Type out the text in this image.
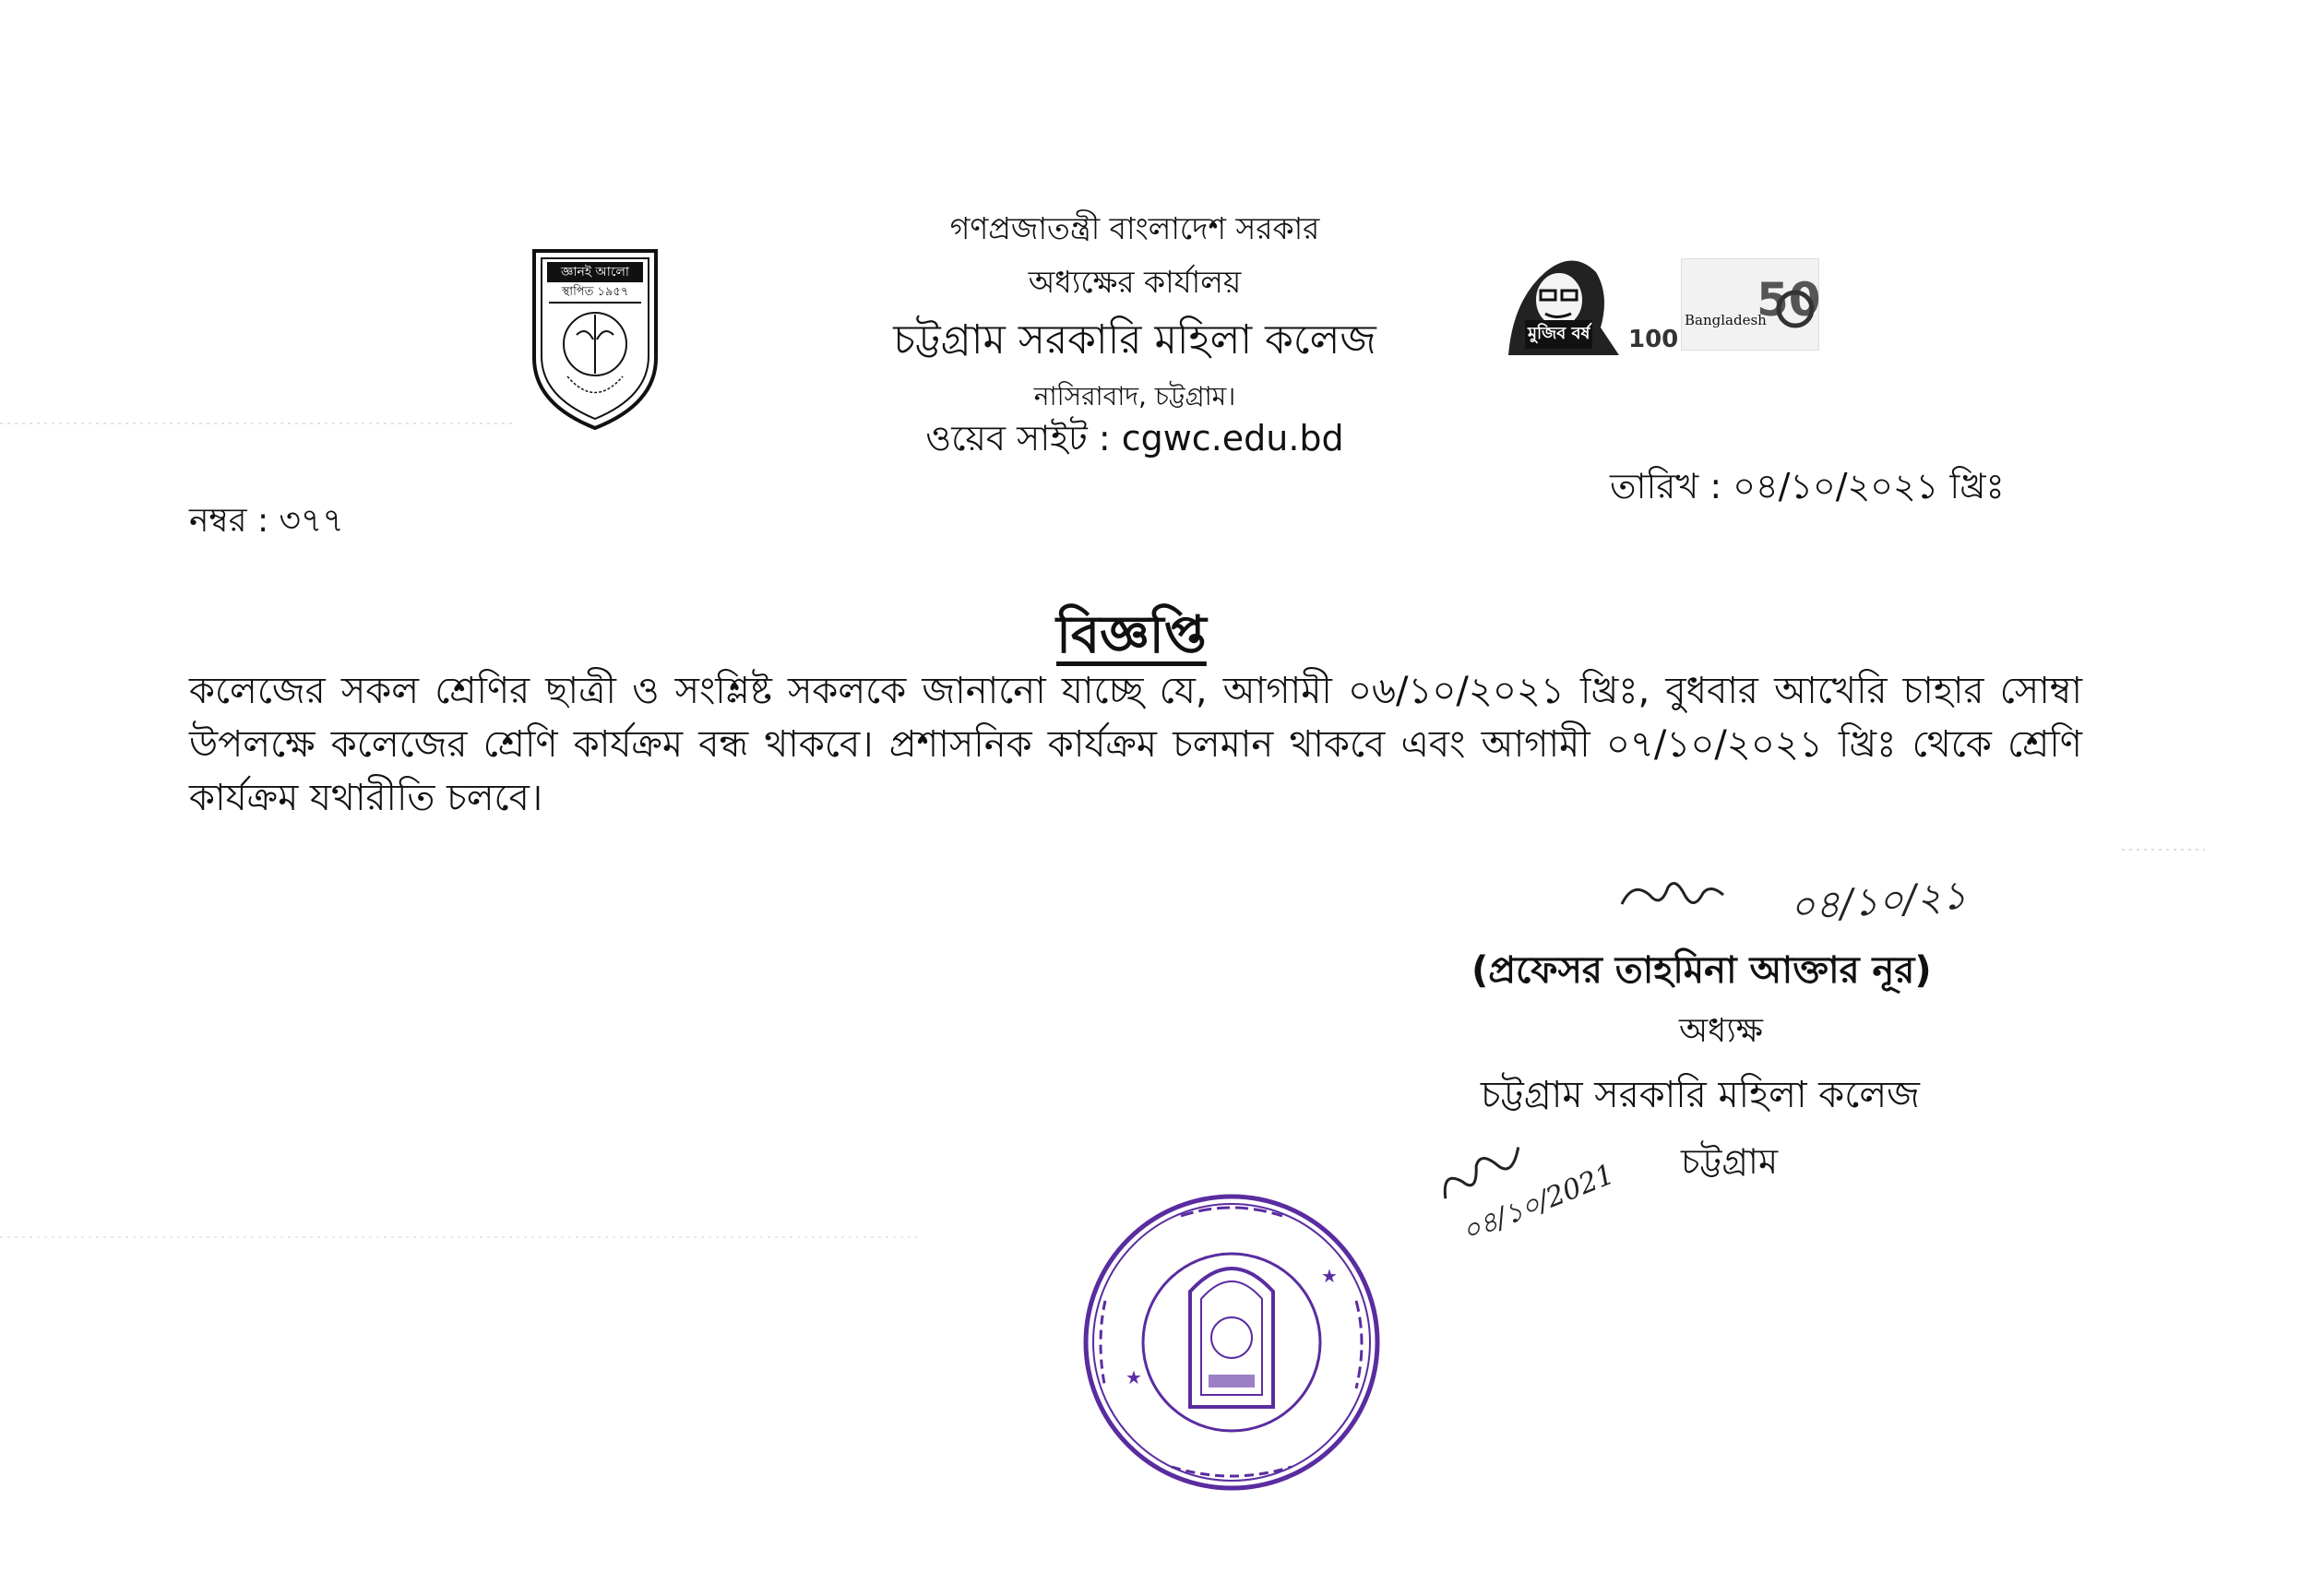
জ্ঞানই আলো
স্থাপিত ১৯৫৭
গণপ্রজাতন্ত্রী বাংলাদেশ সরকার
অধ্যক্ষের কার্যালয়
চট্টগ্রাম সরকারি মহিলা কলেজ
নাসিরাবাদ, চট্টগ্রাম।
ওয়েব সাইট : cgwc.edu.bd
মুজিব বর্ষ 100
Bangladesh
50
নম্বর : ৩৭৭
তারিখ : ০৪/১০/২০২১ খ্রিঃ
বিজ্ঞপ্তি
কলেজের সকল শ্রেণির ছাত্রী ও সংশ্লিষ্ট সকলকে জানানো যাচ্ছে যে, আগামী ০৬/১০/২০২১ খ্রিঃ, বুধবার আখেরি চাহার সোম্বা উপলক্ষে কলেজের শ্রেণি কার্যক্রম বন্ধ থাকবে। প্রশাসনিক কার্যক্রম চলমান থাকবে এবং আগামী ০৭/১০/২০২১ খ্রিঃ থেকে শ্রেণি কার্যক্রম যথারীতি চলবে।
০৪/১০/২১
(প্রফেসর তাহমিনা আক্তার নূর)
অধ্যক্ষ
চট্টগ্রাম সরকারি মহিলা কলেজ
চট্টগ্রাম
০৪/১০/2021
★
★
